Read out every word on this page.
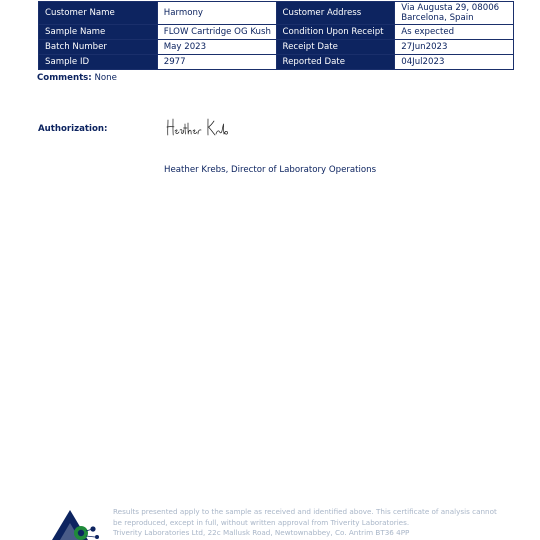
Customer Name	Harmony	Customer Address	Via Augusta 29, 08006
Barcelona, Spain
Sample Name	FLOW Cartridge OG Kush	Condition Upon Receipt	As expected
Batch Number	May 2023	Receipt Date	27Jun2023
Sample ID	2977	Reported Date	04Jul2023
Comments: None
Authorization:
Heather Krebs, Director of Laboratory Operations
Results presented apply to the sample as received and identified above. This certificate of analysis cannot
be reproduced, except in full, without written approval from Triverity Laboratories.
Triverity Laboratories Ltd, 22c Mallusk Road, Newtownabbey, Co. Antrim BT36 4PP
